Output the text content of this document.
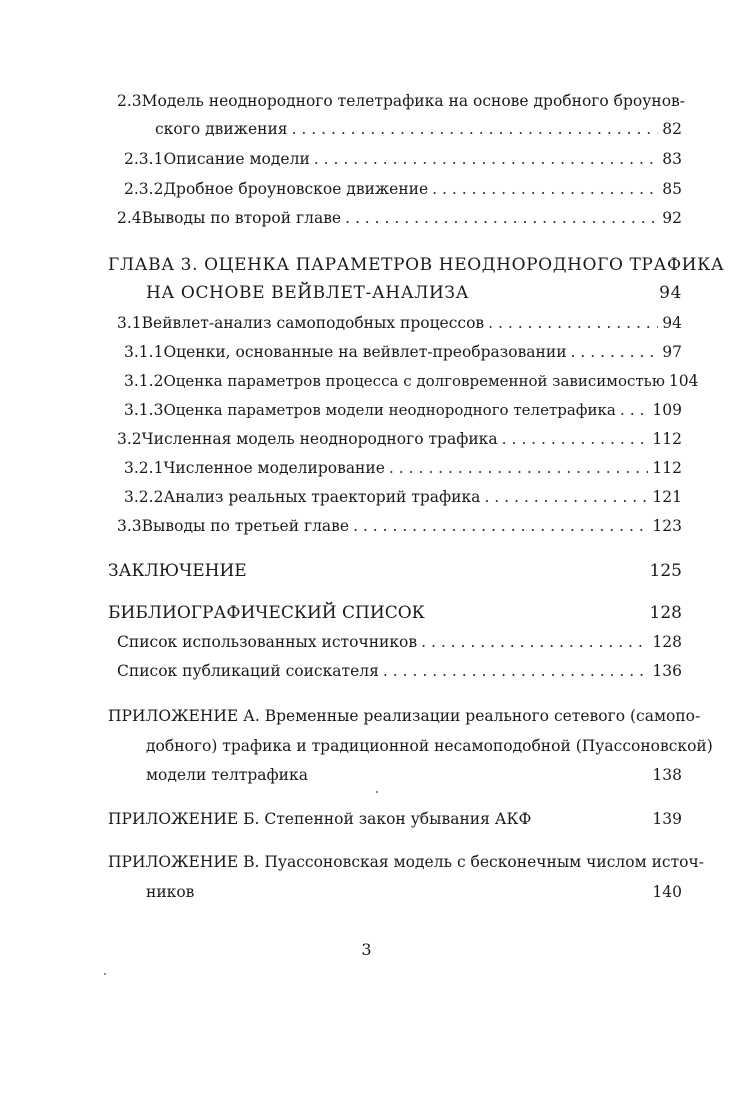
2.3 Модель неоднородного телетрафика на основе дробного броунов-
ского движения . . .	82
2.3.1 Описание модели . . .	83
2.3.2 Дробное броуновское движение . . .	85
2.4 Выводы по второй главе . . .	92
ГЛАВА 3. ОЦЕНКА ПАРАМЕТРОВ НЕОДНОРОДНОГО ТРАФИКА
НА ОСНОВЕ ВЕЙВЛЕТ-АНАЛИЗА	94
3.1 Вейвлет-анализ самоподобных процессов . . .	94
3.1.1 Оценки, основанные на вейвлет-преобразовании . . .	97
3.1.2 Оценка параметров процесса с долговременной зависимостью 104
3.1.3 Оценка параметров модели неоднородного телетрафика . . . 109
3.2 Численная модель неоднородного трафика . . .	112
3.2.1 Численное моделирование . . .	112
3.2.2 Анализ реальных траекторий трафика . . .	121
3.3 Выводы по третьей главе . . .	123
ЗАКЛЮЧЕНИЕ	125
БИБЛИОГРАФИЧЕСКИЙ СПИСОК	128
Список использованных источников . . .	128
Список публикаций соискателя . . .	136
ПРИЛОЖЕНИЕ А. Временные реализации реального сетевого (самопо-
добного) трафика и традиционной несамоподобной (Пуассоновской)
модели телтрафика	138
ПРИЛОЖЕНИЕ Б. Степенной закон убывания АКФ	139
ПРИЛОЖЕНИЕ В. Пуассоновская модель с бесконечным числом источ-
ников	140
3
